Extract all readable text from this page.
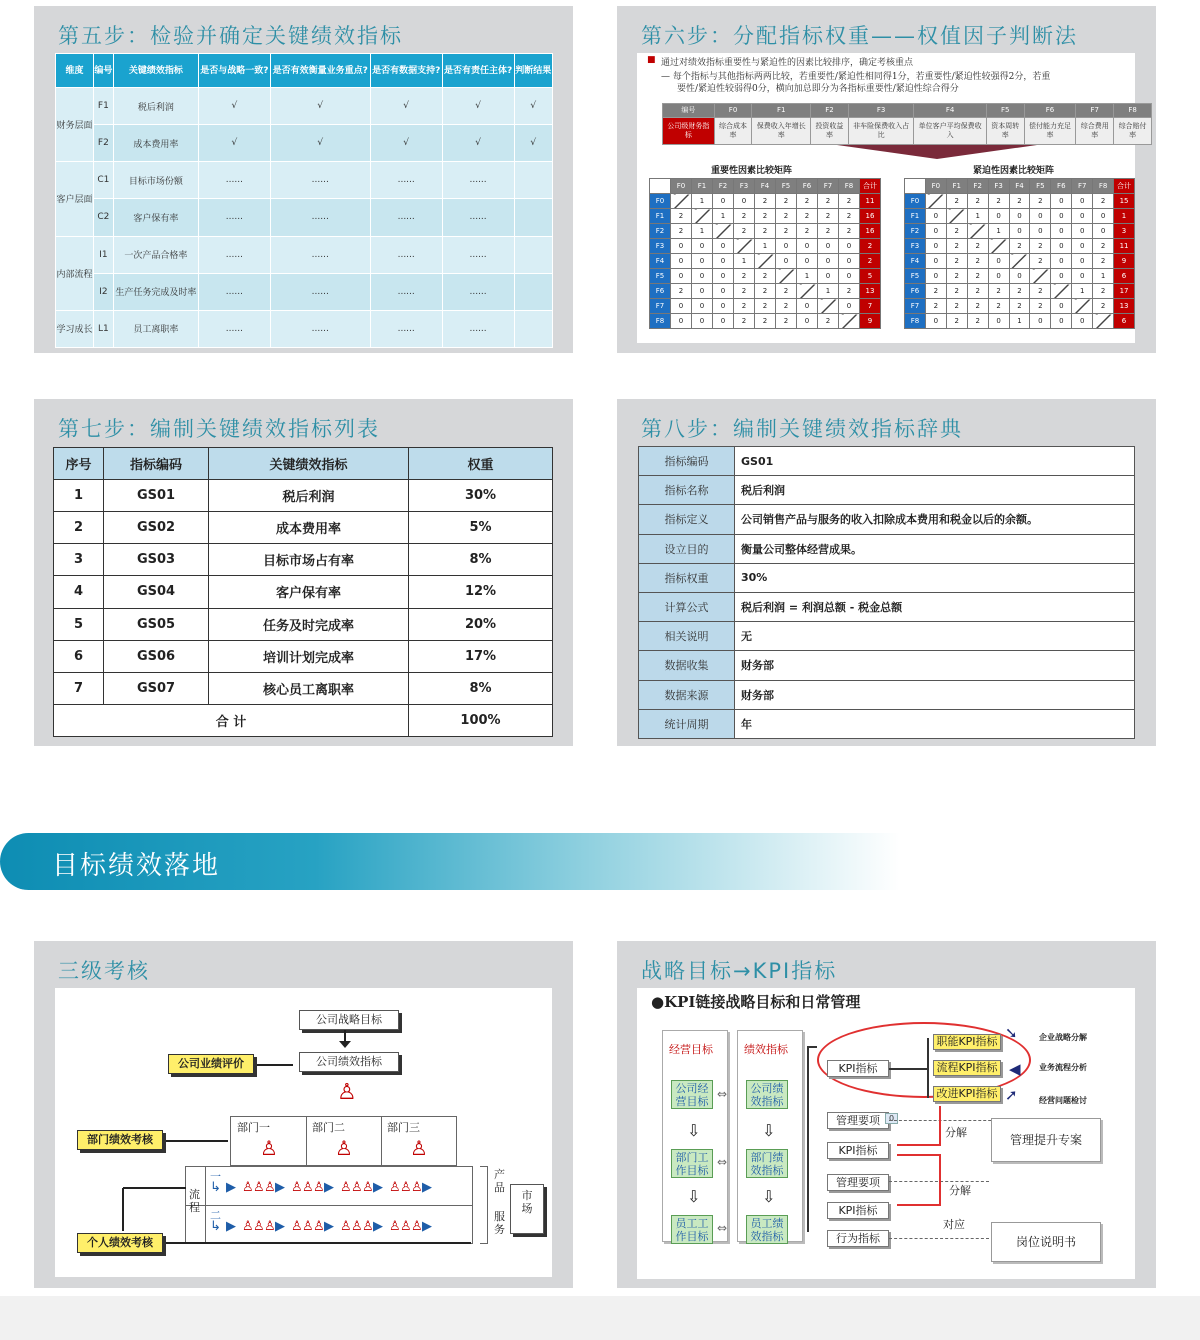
第五步：检验并确定关键绩效指标
维度	编号	关键绩效指标	是否与战略一致?	是否有效衡量业务重点?	是否有数据支持?	是否有责任主体?	判断结果
财务层面	F1	税后利润	√	√	√	√	√
	F2	成本费用率	√	√	√	√	√
客户层面	C1	目标市场份额	......	......	......	......	
	C2	客户保有率	......	......	......	......	
内部流程	I1	一次产品合格率	......	......	......	......	
	I2	生产任务完成及时率	......	......	......	......	
学习成长	L1	员工离职率	......	......	......	......	
第六步：分配指标权重——权值因子判断法
■ 通过对绩效指标重要性与紧迫性的因素比较排序，确定考核重点
— 每个指标与其他指标两两比较，若重要性/紧迫性相同得1分，若重要性/紧迫性较强得2分，若重
要性/紧迫性较弱得0分，横向加总即分为各指标重要性/紧迫性综合得分
编号	F0	F1	F2	F3	F4	F5	F6	F7	F8
公司级财务指标	综合成本率	保费收入年增长率	投资收益率	非车险保费收入占比	单位客户平均保费收入	资本周转率	偿付能力充足率	综合费用率	综合赔付率
重要性因素比较矩阵	紧迫性因素比较矩阵
	F0	F1	F2	F3	F4	F5	F6	F7	F8	合计
F0		1	0	0	2	2	2	2	2	11
F1	2		1	2	2	2	2	2	2	16
F2	2	1		2	2	2	2	2	2	16
F3	0	0	0		1	0	0	0	0	2
F4	0	0	0	1		0	0	0	0	2
F5	0	0	0	2	2		1	0	0	5
F6	2	0	0	2	2	2		1	2	13
F7	0	0	0	2	2	2	0		0	7
F8	0	0	0	2	2	2	0	2		9
	F0	F1	F2	F3	F4	F5	F6	F7	F8	合计
F0		2	2	2	2	2	0	0	2	15
F1	0		1	0	0	0	0	0	0	1
F2	0	2		1	0	0	0	0	0	3
F3	0	2	2		2	2	0	0	2	11
F4	0	2	2	0		2	0	0	2	9
F5	0	2	2	0	0		0	0	1	6
F6	2	2	2	2	2	2		1	2	17
F7	2	2	2	2	2	2	0		2	13
F8	0	2	2	0	1	0	0	0		6
第七步：编制关键绩效指标列表
序号	指标编码	关键绩效指标	权重
1	GS01	税后利润	30%
2	GS02	成本费用率	5%
3	GS03	目标市场占有率	8%
4	GS04	客户保有率	12%
5	GS05	任务及时完成率	20%
6	GS06	培训计划完成率	17%
7	GS07	核心员工离职率	8%
合 计			100%
第八步：编制关键绩效指标辞典
指标编码	GS01
指标名称	税后利润
指标定义	公司销售产品与服务的收入扣除成本费用和税金以后的余额。
设立目的	衡量公司整体经营成果。
指标权重	30%
计算公式	税后利润 = 利润总额 - 税金总额
相关说明	无
数据收集	财务部
数据来源	财务部
统计周期	年
目标绩效落地
三级考核
公司战略目标
公司绩效指标
公司业绩评价
♙
部门一	部门二	部门三
♙	♙	♙
部门绩效考核
流程
一
二
↳ ▶ ♙ ♙ ♙ ▶ ♙ ♙ ♙ ▶ ♙ ♙ ♙ ▶ ♙ ♙ ♙ ▶
↳ ▶ ♙ ♙ ♙ ▶ ♙ ♙ ♙ ▶ ♙ ♙ ♙ ▶ ♙ ♙ ♙ ▶
产品
服务
市场
个人绩效考核
战略目标→KPI指标
●KPI链接战略目标和日常管理
经营目标	绩效指标
公司经营目标
部门工作目标
员工工作目标
公司绩效指标
部门绩效指标
员工绩效指标
⇩
⇩
⇩
⇩
⇔
⇔
⇔
KPI指标
职能KPI指标
流程KPI指标
改进KPI指标
➘
◀
➚
企业战略分解
业务流程分析
经营问题检讨
管理要项	0
分解
管理提升专案
KPI指标
管理要项
分解
KPI指标
行为指标
对应
岗位说明书
